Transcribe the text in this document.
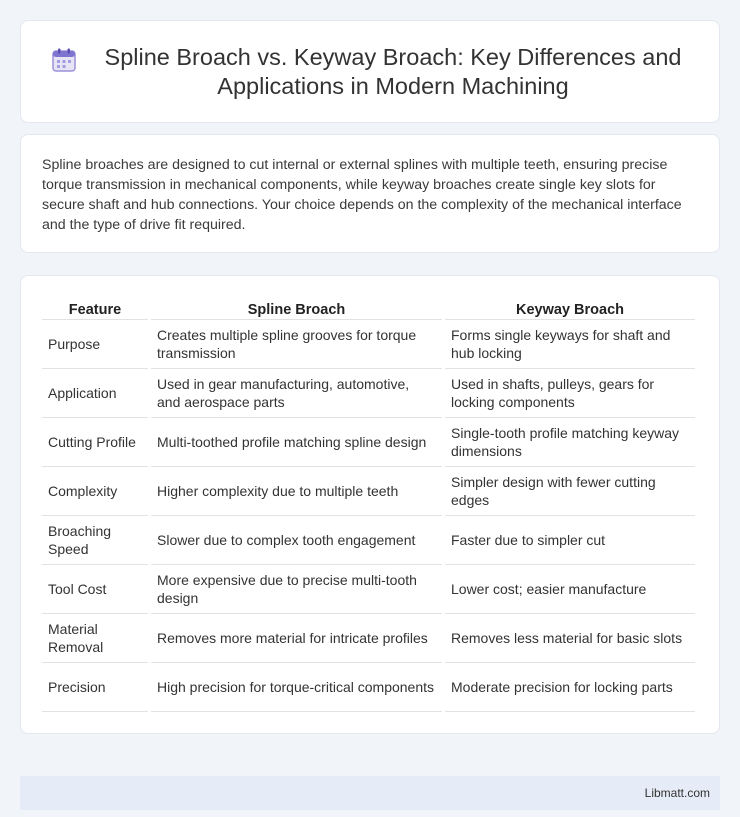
Spline Broach vs. Keyway Broach: Key Differences and Applications in Modern Machining

Spline broaches are designed to cut internal or external splines with multiple teeth, ensuring precise torque transmission in mechanical components, while keyway broaches create single key slots for secure shaft and hub connections. Your choice depends on the complexity of the mechanical interface and the type of drive fit required.

Feature	Spline Broach	Keyway Broach
Purpose	Creates multiple spline grooves for torque transmission	Forms single keyways for shaft and hub locking
Application	Used in gear manufacturing, automotive, and aerospace parts	Used in shafts, pulleys, gears for locking components
Cutting Profile	Multi-toothed profile matching spline design	Single-tooth profile matching keyway dimensions
Complexity	Higher complexity due to multiple teeth	Simpler design with fewer cutting edges
Broaching Speed	Slower due to complex tooth engagement	Faster due to simpler cut
Tool Cost	More expensive due to precise multi-tooth design	Lower cost; easier manufacture
Material Removal	Removes more material for intricate profiles	Removes less material for basic slots
Precision	High precision for torque-critical components	Moderate precision for locking parts
Libmatt.com
